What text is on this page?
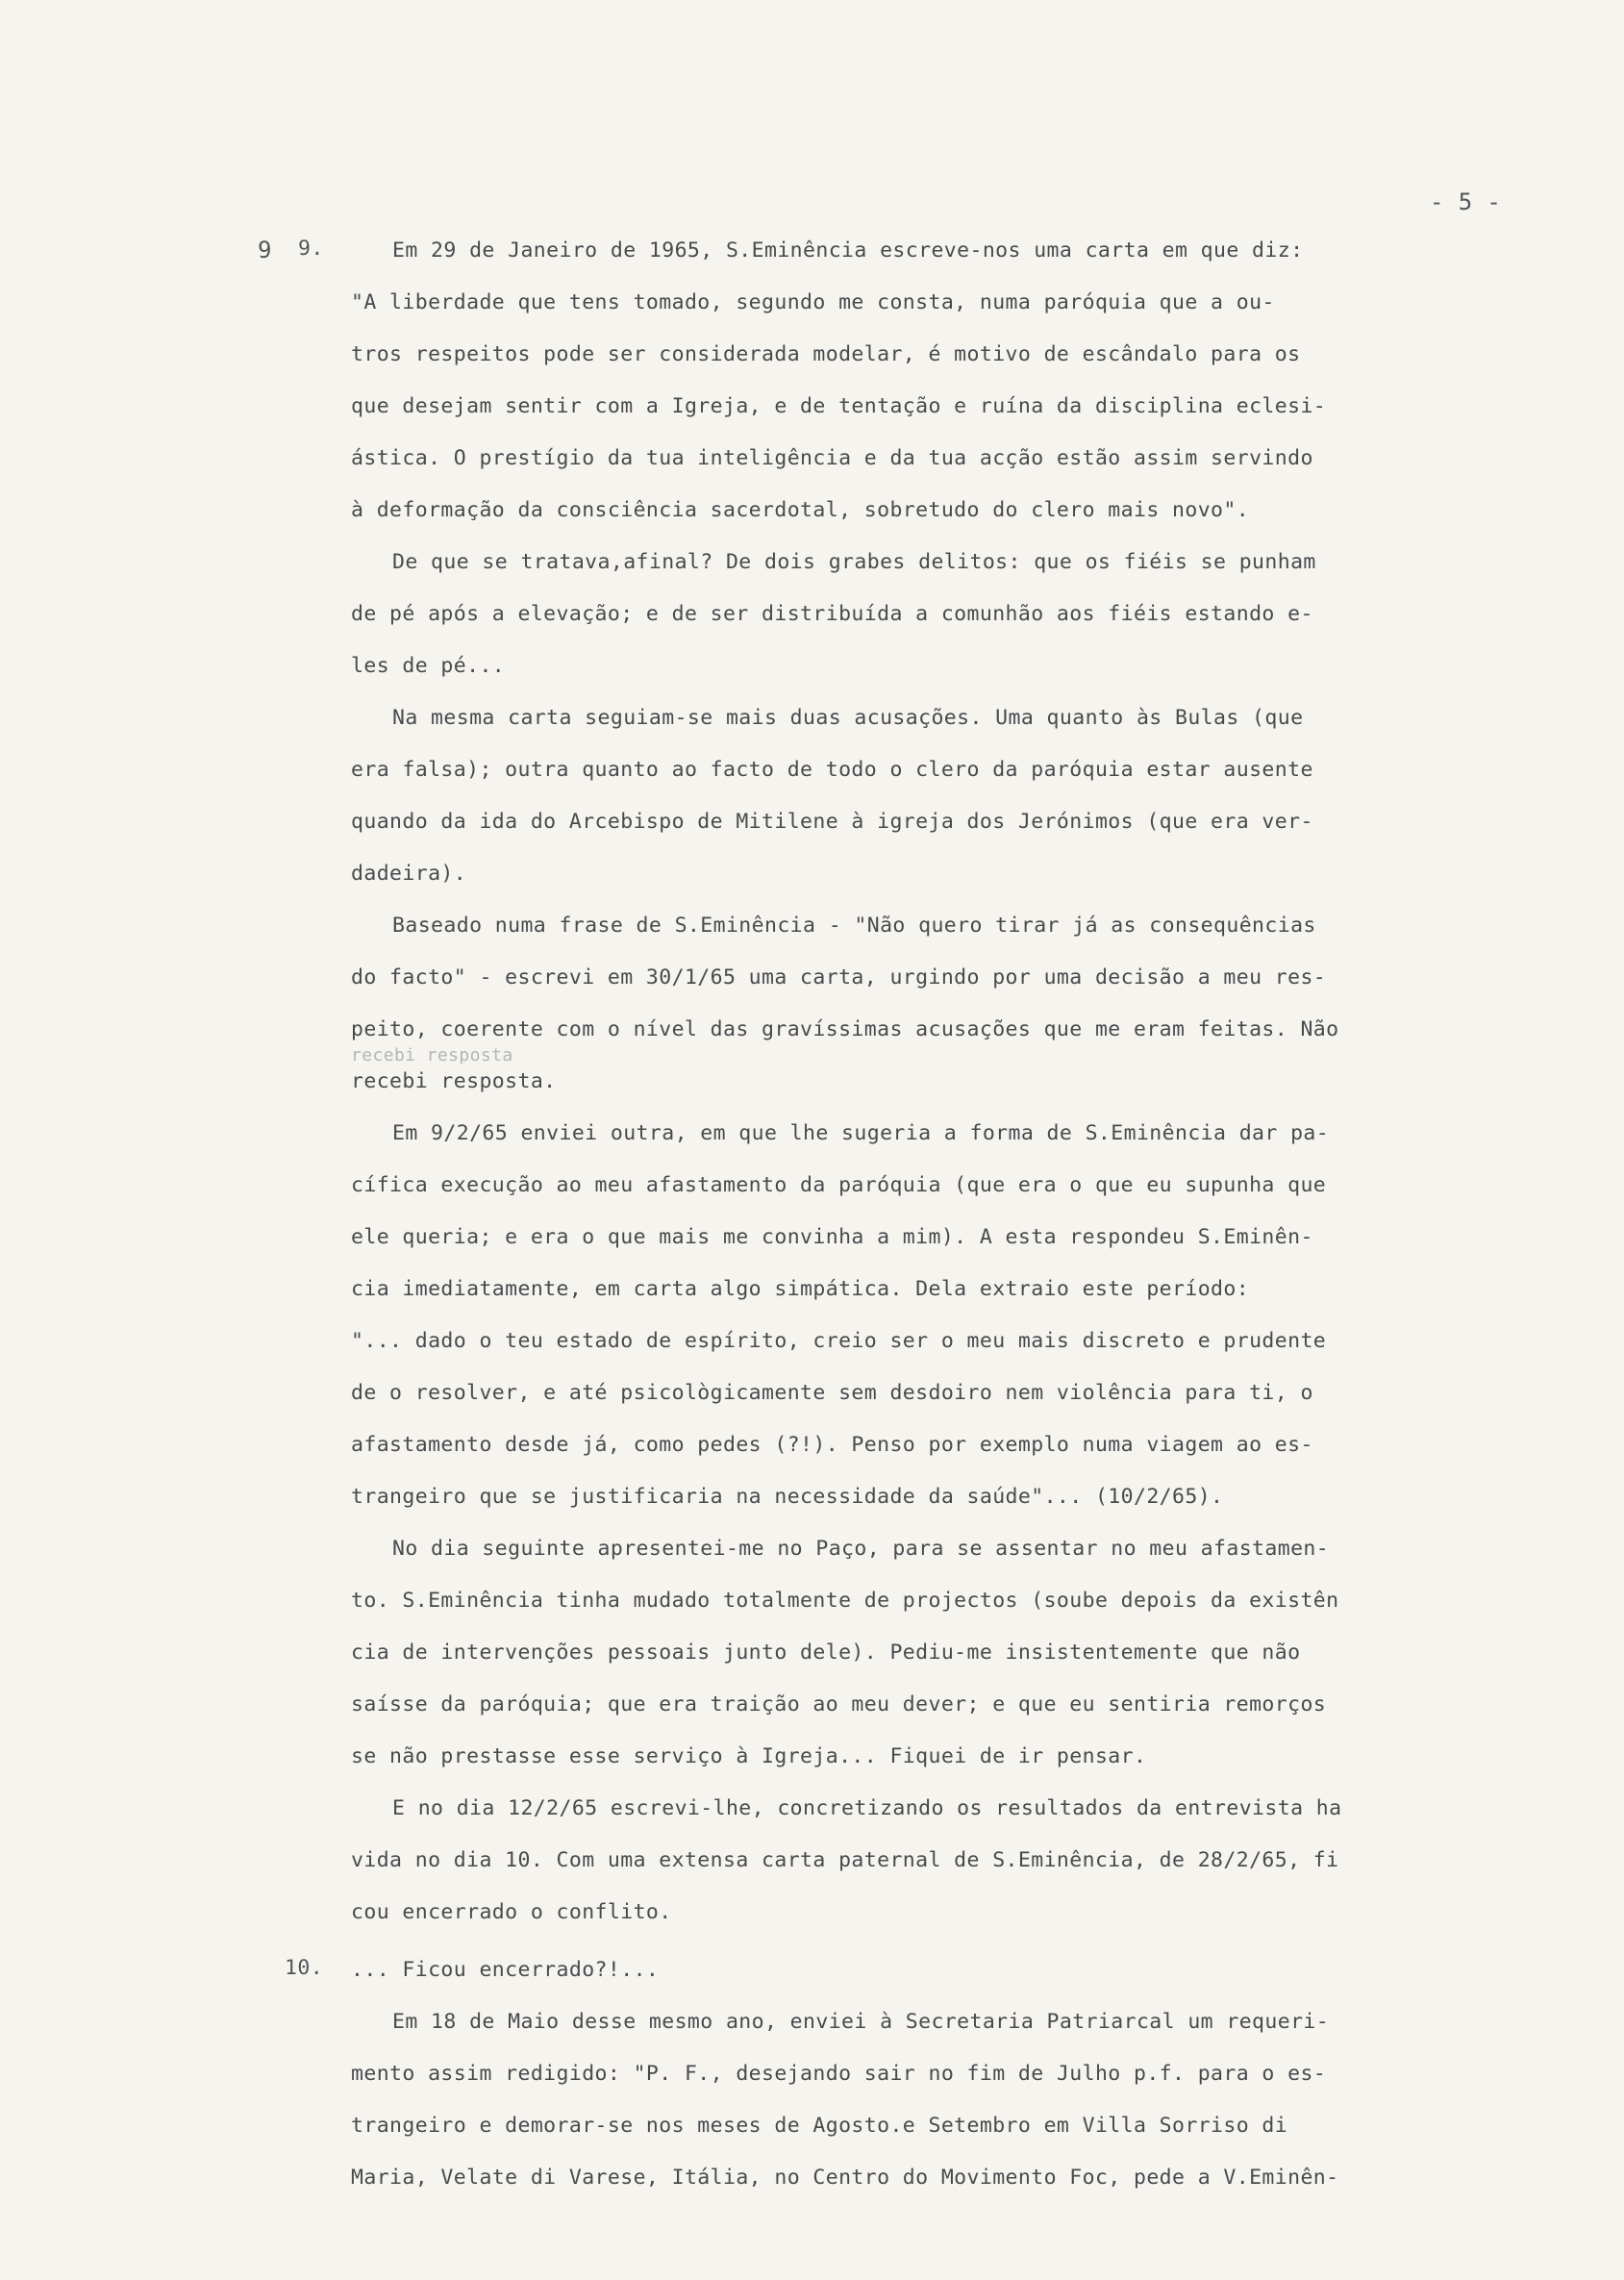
- 5 -
9 9.	Em 29 de Janeiro de 1965, S.Eminência escreve-nos uma carta em que diz:
"A liberdade que tens tomado, segundo me consta, numa paróquia que a ou-
tros respeitos pode ser considerada modelar, é motivo de escândalo para os
que desejam sentir com a Igreja, e de tentação e ruína da disciplina eclesi-
ástica. O prestígio da tua inteligência e da tua acção estão assim servindo
à deformação da consciência sacerdotal, sobretudo do clero mais novo".
De que se tratava,afinal? De dois grabes delitos: que os fiéis se punham
de pé após a elevação; e de ser distribuída a comunhão aos fiéis estando e-
les de pé...
Na mesma carta seguiam-se mais duas acusações. Uma quanto às Bulas (que
era falsa); outra quanto ao facto de todo o clero da paróquia estar ausente
quando da ida do Arcebispo de Mitilene à igreja dos Jerónimos (que era ver-
dadeira).
Baseado numa frase de S.Eminência - "Não quero tirar já as consequências
do facto" - escrevi em 30/1/65 uma carta, urgindo por uma decisão a meu res-
peito, coerente com o nível das gravíssimas acusações que me eram feitas. Não
recebi resposta.
Em 9/2/65 enviei outra, em que lhe sugeria a forma de S.Eminência dar pa-
cífica execução ao meu afastamento da paróquia (que era o que eu supunha que
ele queria; e era o que mais me convinha a mim). A esta respondeu S.Eminên-
cia imediatamente, em carta algo simpática. Dela extraio este período:
"... dado o teu estado de espírito, creio ser o meu mais discreto e prudente
de o resolver, e até psicològicamente sem desdoiro nem violência para ti, o
afastamento desde já, como pedes (?!). Penso por exemplo numa viagem ao es-
trangeiro que se justificaria na necessidade da saúde"... (10/2/65).
No dia seguinte apresentei-me no Paço, para se assentar no meu afastamen-
to. S.Eminência tinha mudado totalmente de projectos (soube depois da existên
cia de intervenções pessoais junto dele). Pediu-me insistentemente que não
saísse da paróquia; que era traição ao meu dever; e que eu sentiria remorços
se não prestasse esse serviço à Igreja... Fiquei de ir pensar.
E no dia 12/2/65 escrevi-lhe, concretizando os resultados da entrevista ha
vida no dia 10. Com uma extensa carta paternal de S.Eminência, de 28/2/65, fi
cou encerrado o conflito.
recebi resposta
10. ... Ficou encerrado?!...
Em 18 de Maio desse mesmo ano, enviei à Secretaria Patriarcal um requeri-
mento assim redigido: "P. F., desejando sair no fim de Julho p.f. para o es-
trangeiro e demorar-se nos meses de Agosto.e Setembro em Villa Sorriso di
Maria, Velate di Varese, Itália, no Centro do Movimento Foc, pede a V.Eminên-
